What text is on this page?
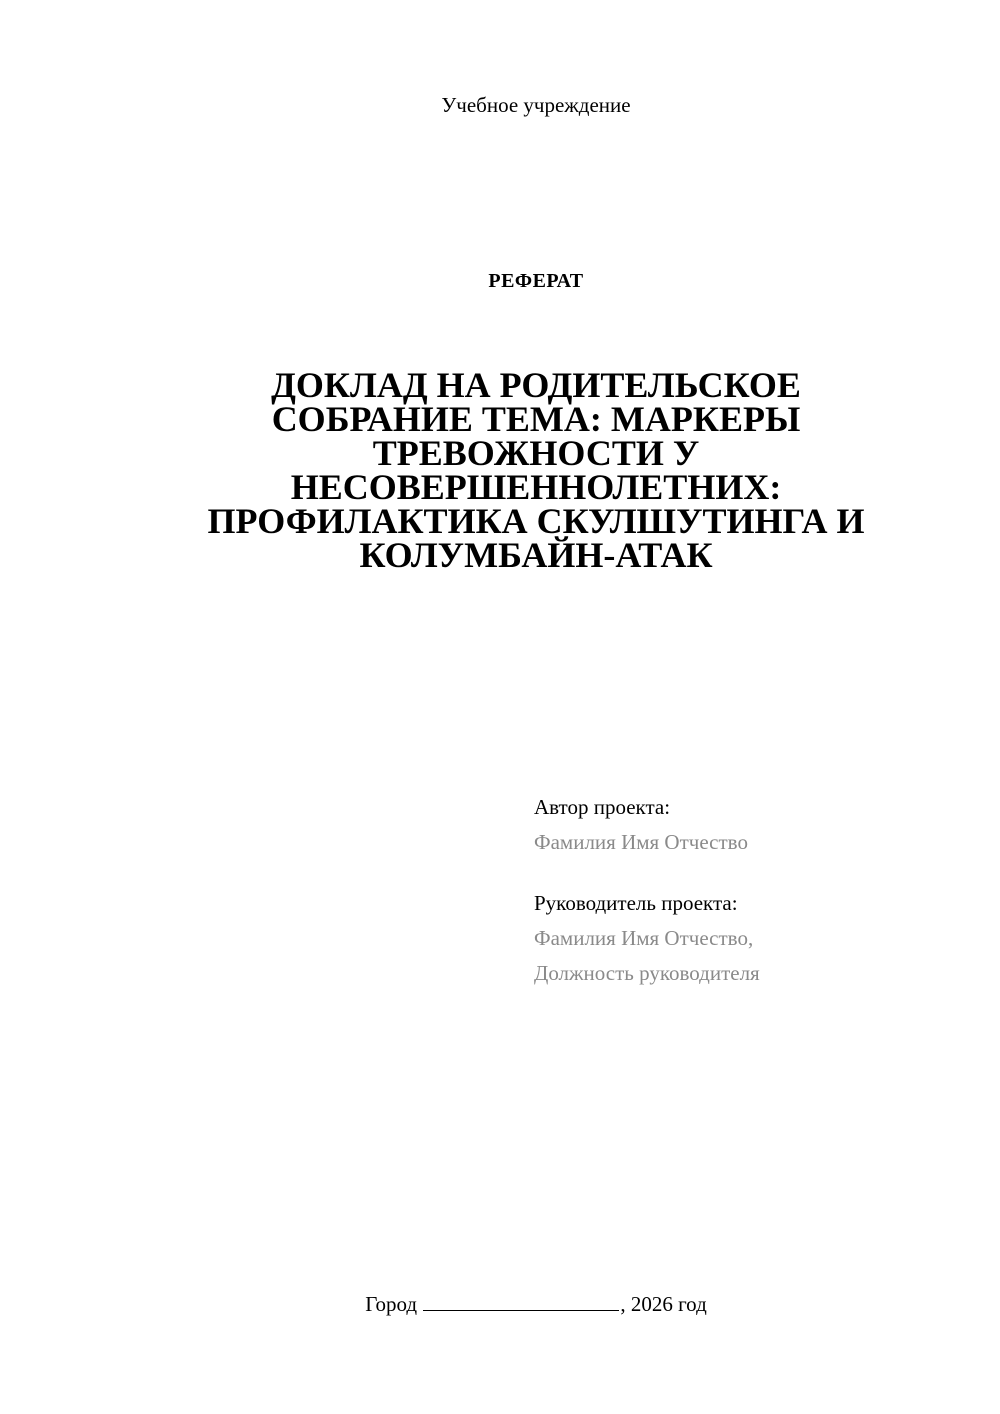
Учебное учреждение
РЕФЕРАТ
ДОКЛАД НА РОДИТЕЛЬСКОЕ
СОБРАНИЕ ТЕМА: МАРКЕРЫ
ТРЕВОЖНОСТИ У
НЕСОВЕРШЕННОЛЕТНИХ:
ПРОФИЛАКТИКА СКУЛШУТИНГА И
КОЛУМБАЙН-АТАК
Автор проекта:
Фамилия Имя Отчество
Руководитель проекта:
Фамилия Имя Отчество,
Должность руководителя
Город	, 2026 год
